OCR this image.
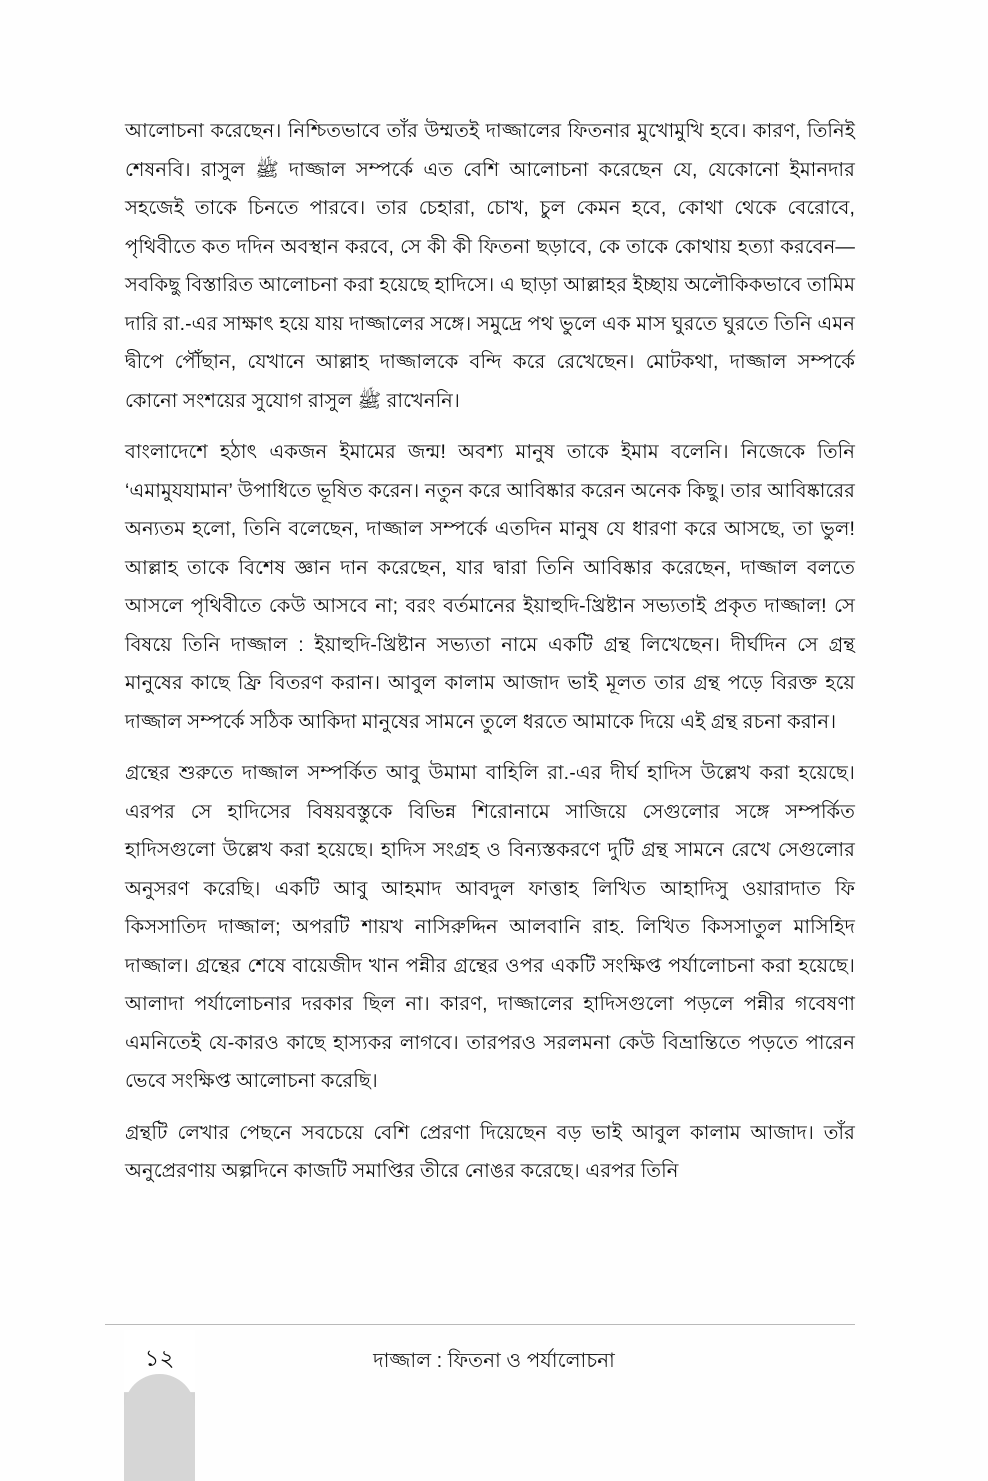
আলোচনা করেছেন। নিশ্চিতভাবে তাঁর উম্মতই দাজ্জালের ফিতনার মুখোমুখি হবে। কারণ, তিনিই শেষনবি। রাসুল ﷺ দাজ্জাল সম্পর্কে এত বেশি আলোচনা করেছেন যে, যেকোনো ইমানদার সহজেই তাকে চিনতে পারবে। তার চেহারা, চোখ, চুল কেমন হবে, কোথা থেকে বেরোবে, পৃথিবীতে কত দদিন অবস্থান করবে, সে কী কী ফিতনা ছড়াবে, কে তাকে কোথায় হত্যা করবেন—সবকিছু বিস্তারিত আলোচনা করা হয়েছে হাদিসে। এ ছাড়া আল্লাহর ইচ্ছায় অলৌকিকভাবে তামিম দারি রা.-এর সাক্ষাৎ হয়ে যায় দাজ্জালের সঙ্গে। সমুদ্রে পথ ভুলে এক মাস ঘুরতে ঘুরতে তিনি এমন দ্বীপে পৌঁছান, যেখানে আল্লাহ দাজ্জালকে বন্দি করে রেখেছেন। মোটকথা, দাজ্জাল সম্পর্কে কোনো সংশয়ের সুযোগ রাসুল ﷺ রাখেননি।

বাংলাদেশে হঠাৎ একজন ইমামের জন্ম! অবশ্য মানুষ তাকে ইমাম বলেনি। নিজেকে তিনি ‘এমামুযযামান’ উপাধিতে ভূষিত করেন। নতুন করে আবিষ্কার করেন অনেক কিছু। তার আবিষ্কারের অন্যতম হলো, তিনি বলেছেন, দাজ্জাল সম্পর্কে এতদিন মানুষ যে ধারণা করে আসছে, তা ভুল! আল্লাহ তাকে বিশেষ জ্ঞান দান করেছেন, যার দ্বারা তিনি আবিষ্কার করেছেন, দাজ্জাল বলতে আসলে পৃথিবীতে কেউ আসবে না; বরং বর্তমানের ইয়াহুদি-খ্রিষ্টান সভ্যতাই প্রকৃত দাজ্জাল! সে বিষয়ে তিনি দাজ্জাল : ইয়াহুদি-খ্রিষ্টান সভ্যতা নামে একটি গ্রন্থ লিখেছেন। দীর্ঘদিন সে গ্রন্থ মানুষের কাছে ফ্রি বিতরণ করান। আবুল কালাম আজাদ ভাই মূলত তার গ্রন্থ পড়ে বিরক্ত হয়ে দাজ্জাল সম্পর্কে সঠিক আকিদা মানুষের সামনে তুলে ধরতে আমাকে দিয়ে এই গ্রন্থ রচনা করান।

গ্রন্থের শুরুতে দাজ্জাল সম্পর্কিত আবু উমামা বাহিলি রা.-এর দীর্ঘ হাদিস উল্লেখ করা হয়েছে। এরপর সে হাদিসের বিষয়বস্তুকে বিভিন্ন শিরোনামে সাজিয়ে সেগুলোর সঙ্গে সম্পর্কিত হাদিসগুলো উল্লেখ করা হয়েছে। হাদিস সংগ্রহ ও বিন্যস্তকরণে দুটি গ্রন্থ সামনে রেখে সেগুলোর অনুসরণ করেছি। একটি আবু আহমাদ আবদুল ফাত্তাহ লিখিত আহাদিসু ওয়ারাদাত ফি কিসসাতিদ দাজ্জাল; অপরটি শায়খ নাসিরুদ্দিন আলবানি রাহ. লিখিত কিসসাতুল মাসিহিদ দাজ্জাল। গ্রন্থের শেষে বায়েজীদ খান পন্নীর গ্রন্থের ওপর একটি সংক্ষিপ্ত পর্যালোচনা করা হয়েছে। আলাদা পর্যালোচনার দরকার ছিল না। কারণ, দাজ্জালের হাদিসগুলো পড়লে পন্নীর গবেষণা এমনিতেই যে-কারও কাছে হাস্যকর লাগবে। তারপরও সরলমনা কেউ বিভ্রান্তিতে পড়তে পারেন ভেবে সংক্ষিপ্ত আলোচনা করেছি।

গ্রন্থটি লেখার পেছনে সবচেয়ে বেশি প্রেরণা দিয়েছেন বড় ভাই আবুল কালাম আজাদ। তাঁর অনুপ্রেরণায় অল্পদিনে কাজটি সমাপ্তির তীরে নোঙর করেছে। এরপর তিনি

দাজ্জাল : ফিতনা ও পর্যালোচনা
১২
